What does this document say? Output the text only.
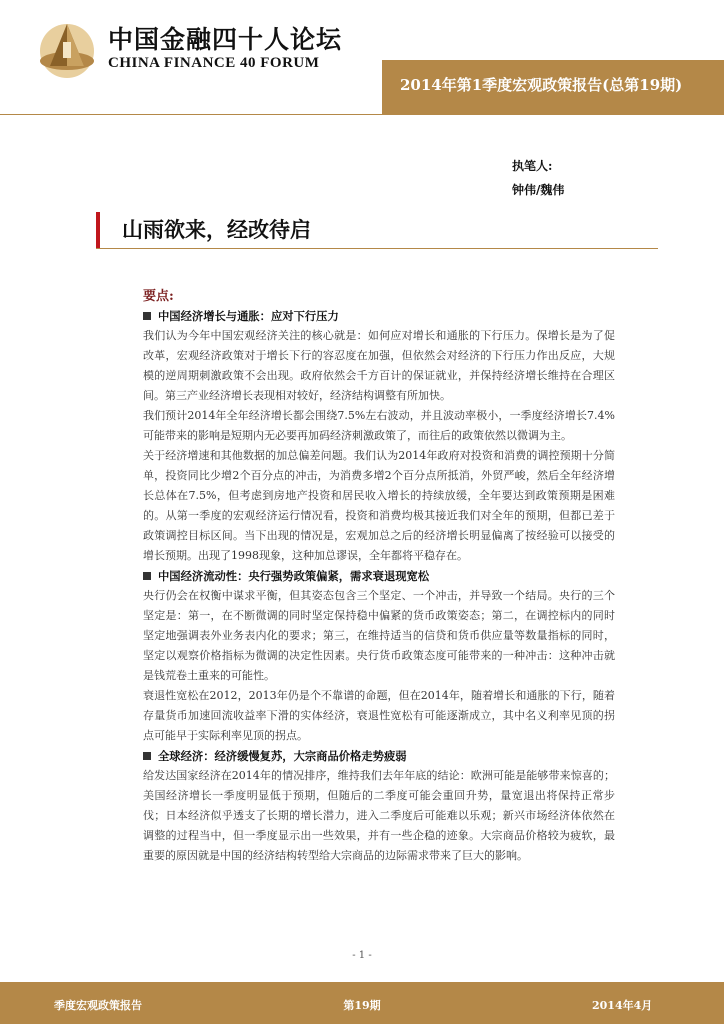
中国金融四十人论坛
CHINA FINANCE 40 FORUM
2014年第1季度宏观政策报告(总第19期)
执笔人:
钟伟/魏伟
山雨欲来，经改待启
要点:

中国经济增长与通胀：应对下行压力

我们认为今年中国宏观经济关注的核心就是：如何应对增长和通胀的下行压力。保增长是为了促改革，宏观经济政策对于增长下行的容忍度在加强，但依然会对经济的下行压力作出反应，大规模的逆周期刺激政策不会出现。政府依然会千方百计的保证就业，并保持经济增长维持在合理区间。第三产业经济增长表现相对较好，经济结构调整有所加快。

我们预计2014年全年经济增长都会围绕7.5%左右波动，并且波动率极小，一季度经济增长7.4%可能带来的影响是短期内无必要再加码经济刺激政策了，而往后的政策依然以微调为主。

关于经济增速和其他数据的加总偏差问题。我们认为2014年政府对投资和消费的调控预期十分简单，投资同比少增2个百分点的冲击，为消费多增2个百分点所抵消，外贸严峻，然后全年经济增长总体在7.5%，但考虑到房地产投资和居民收入增长的持续放缓，全年要达到政策预期是困难的。从第一季度的宏观经济运行情况看，投资和消费均极其接近我们对全年的预期，但都已差于政策调控目标区间。当下出现的情况是，宏观加总之后的经济增长明显偏离了按经验可以接受的增长预期。出现了1998现象，这种加总谬误，全年都将平稳存在。

中国经济流动性：央行强势政策偏紧，需求衰退现宽松

央行仍会在权衡中谋求平衡，但其姿态包含三个坚定、一个冲击，并导致一个结局。央行的三个坚定是：第一，在不断微调的同时坚定保持稳中偏紧的货币政策姿态；第二，在调控标内的同时坚定地强调表外业务表内化的要求；第三，在维持适当的信贷和货币供应量等数量指标的同时，坚定以观察价格指标为微调的决定性因素。央行货币政策态度可能带来的一种冲击：这种冲击就是钱荒卷土重来的可能性。

衰退性宽松在2012，2013年仍是个不靠谱的命题，但在2014年，随着增长和通胀的下行，随着存量货币加速回流收益率下滑的实体经济，衰退性宽松有可能逐渐成立，其中名义利率见顶的拐点可能早于实际利率见顶的拐点。

全球经济：经济缓慢复苏，大宗商品价格走势疲弱

给发达国家经济在2014年的情况排序，维持我们去年年底的结论：欧洲可能是能够带来惊喜的；美国经济增长一季度明显低于预期，但随后的二季度可能会重回升势，量宽退出将保持正常步伐；日本经济似乎透支了长期的增长潜力，进入二季度后可能难以乐观；新兴市场经济体依然在调整的过程当中，但一季度显示出一些效果，并有一些企稳的迹象。大宗商品价格较为疲软，最重要的原因就是中国的经济结构转型给大宗商品的边际需求带来了巨大的影响。

- 1 -
季度宏观政策报告	第19期	2014年4月
